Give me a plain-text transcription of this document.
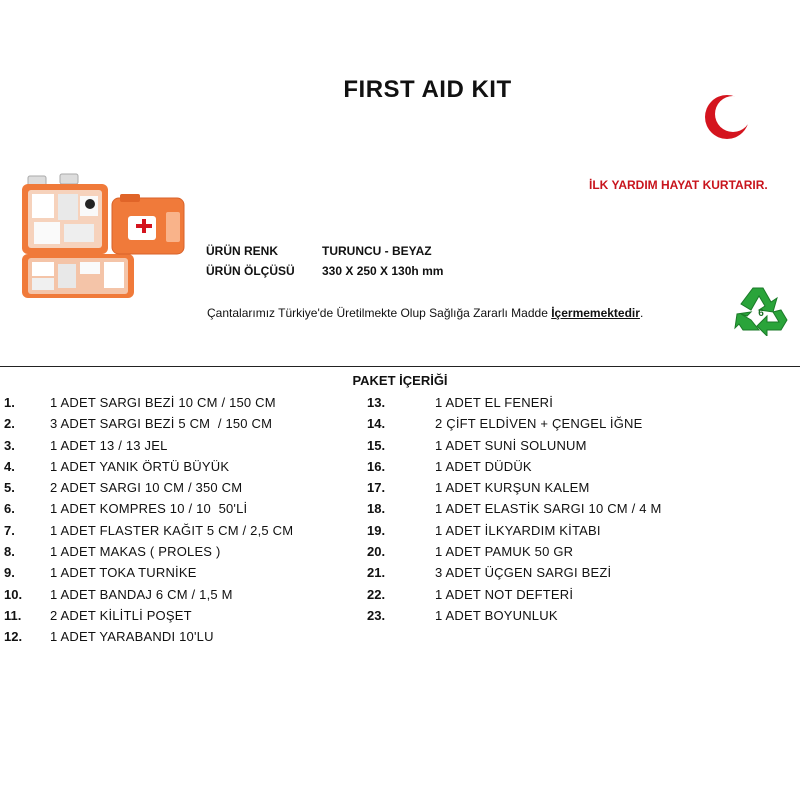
FIRST AID KIT
İLK YARDIM HAYAT KURTARIR.
ÜRÜN RENK	TURUNCU - BEYAZ
ÜRÜN ÖLÇÜSÜ 330 X 250 X 130h mm
Çantalarımız Türkiye'de Üretilmekte Olup Sağlığa Zararlı Madde İçermemektedir.	6
PAKET İÇERİĞİ
1.	1 ADET SARGI BEZİ 10 CM / 150 CM
2.	3 ADET SARGI BEZİ 5 CM  / 150 CM
3.	1 ADET 13 / 13 JEL
4.	1 ADET YANIK ÖRTÜ BÜYÜK
5.	2 ADET SARGI 10 CM / 350 CM
6.	1 ADET KOMPRES 10 / 10  50'Lİ
7.	1 ADET FLASTER KAĞIT 5 CM / 2,5 CM
8.	1 ADET MAKAS ( PROLES )
9.	1 ADET TOKA TURNİKE
10. 1 ADET BANDAJ 6 CM / 1,5 M
11. 2 ADET KİLİTLİ POŞET
12. 1 ADET YARABANDI 10'LU
13.	1 ADET EL FENERİ
14.	2 ÇİFT ELDİVEN + ÇENGEL İĞNE
15.	1 ADET SUNİ SOLUNUM
16.	1 ADET DÜDÜK
17.	1 ADET KURŞUN KALEM
18.	1 ADET ELASTİK SARGI 10 CM / 4 M
19.	1 ADET İLKYARDIM KİTABI
20.	1 ADET PAMUK 50 GR
21.	3 ADET ÜÇGEN SARGI BEZİ
22.	1 ADET NOT DEFTERİ
23.	1 ADET BOYUNLUK
